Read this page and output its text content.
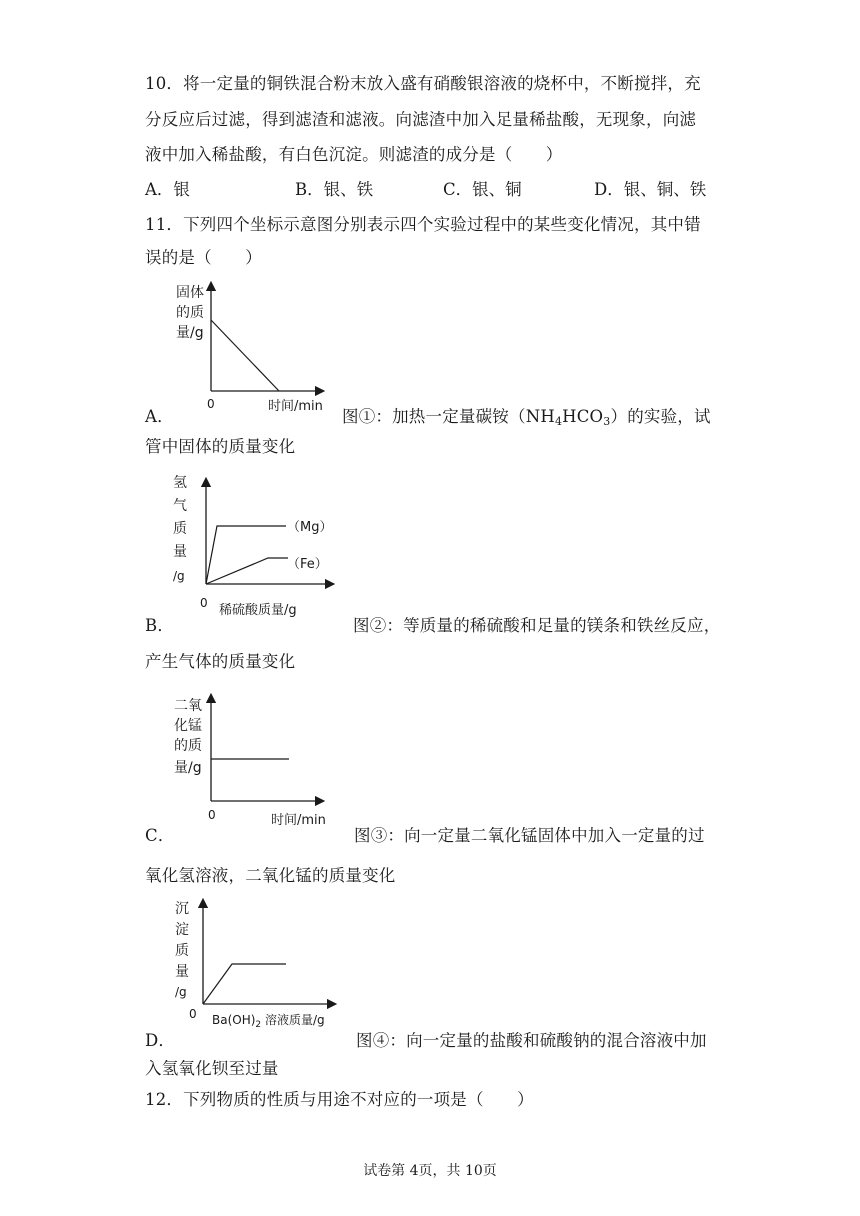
10．将一定量的铜铁混合粉末放入盛有硝酸银溶液的烧杯中，不断搅拌，充
分反应后过滤，得到滤渣和滤液。向滤渣中加入足量稀盐酸，无现象，向滤
液中加入稀盐酸，有白色沉淀。则滤渣的成分是（　　）
A．银	B．银、铁	C．银、铜	D．银、铜、铁
11．下列四个坐标示意图分别表示四个实验过程中的某些变化情况，其中错
误的是（　　）
固体
的质
量/g
0	时间/min
A．	图①：加热一定量碳铵$(NH_4HCO_3)$的实验，试
管中固体的质量变化
（Mg）
（Fe）
氢
气
质
量
/g
0 稀硫酸质量/g
B．	图②：等质量的稀硫酸和足量的镁条和铁丝反应，
产生气体的质量变化
二氧
化锰
的质
量/g
0	时间/min
C．	图③：向一定量二氧化锰固体中加入一定量的过
氧化氢溶液，二氧化锰的质量变化
沉
淀
质
量
/g
0 $Ba(OH)_2$ 溶液质量/g
D．	图④：向一定量的盐酸和硫酸钠的混合溶液中加
入氢氧化钡至过量
12．下列物质的性质与用途不对应的一项是（　　）
试卷第 4页，共 10页
